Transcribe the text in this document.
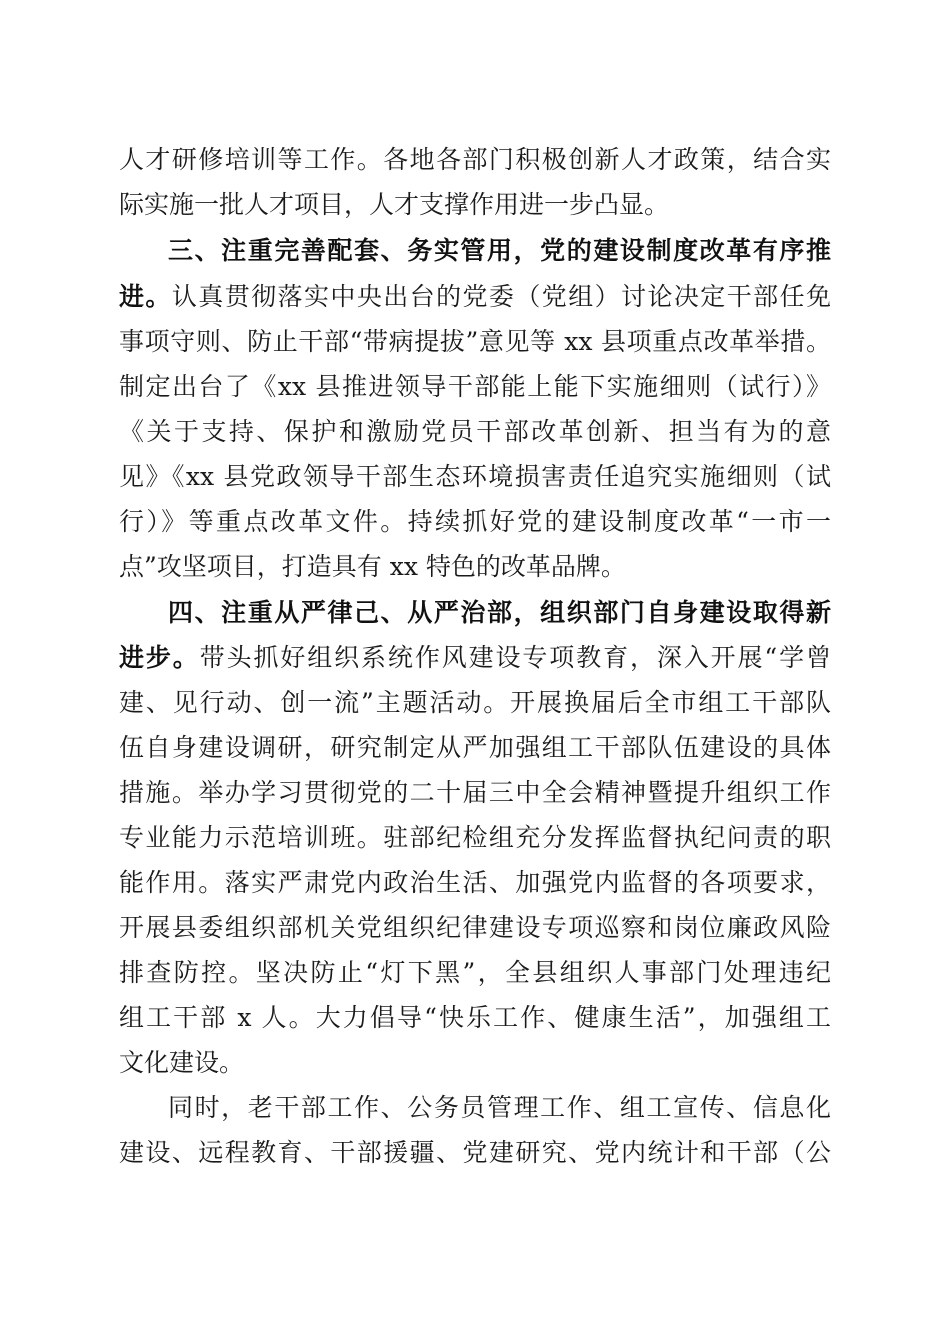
人才研修培训等工作。各地各部门积极创新人才政策，结合实
际实施一批人才项目，人才支撑作用进一步凸显。
三、注重完善配套、务实管用，党的建设制度改革有序推
进。认真贯彻落实中央出台的党委（党组）讨论决定干部任免
事项守则、防止干部“带病提拔”意见等 xx 县项重点改革举措。
制定出台了《xx 县推进领导干部能上能下实施细则（试行）》
《关于支持、保护和激励党员干部改革创新、担当有为的意
见》《xx 县党政领导干部生态环境损害责任追究实施细则（试
行）》等重点改革文件。持续抓好党的建设制度改革“一市一
点”攻坚项目，打造具有 xx 特色的改革品牌。
四、注重从严律己、从严治部，组织部门自身建设取得新
进步。带头抓好组织系统作风建设专项教育，深入开展“学曾
建、见行动、创一流”主题活动。开展换届后全市组工干部队
伍自身建设调研，研究制定从严加强组工干部队伍建设的具体
措施。举办学习贯彻党的二十届三中全会精神暨提升组织工作
专业能力示范培训班。驻部纪检组充分发挥监督执纪问责的职
能作用。落实严肃党内政治生活、加强党内监督的各项要求，
开展县委组织部机关党组织纪律建设专项巡察和岗位廉政风险
排查防控。坚决防止“灯下黑”，全县组织人事部门处理违纪
组工干部 x 人。大力倡导“快乐工作、健康生活”，加强组工
文化建设。
同时，老干部工作、公务员管理工作、组工宣传、信息化
建设、远程教育、干部援疆、党建研究、党内统计和干部（公
